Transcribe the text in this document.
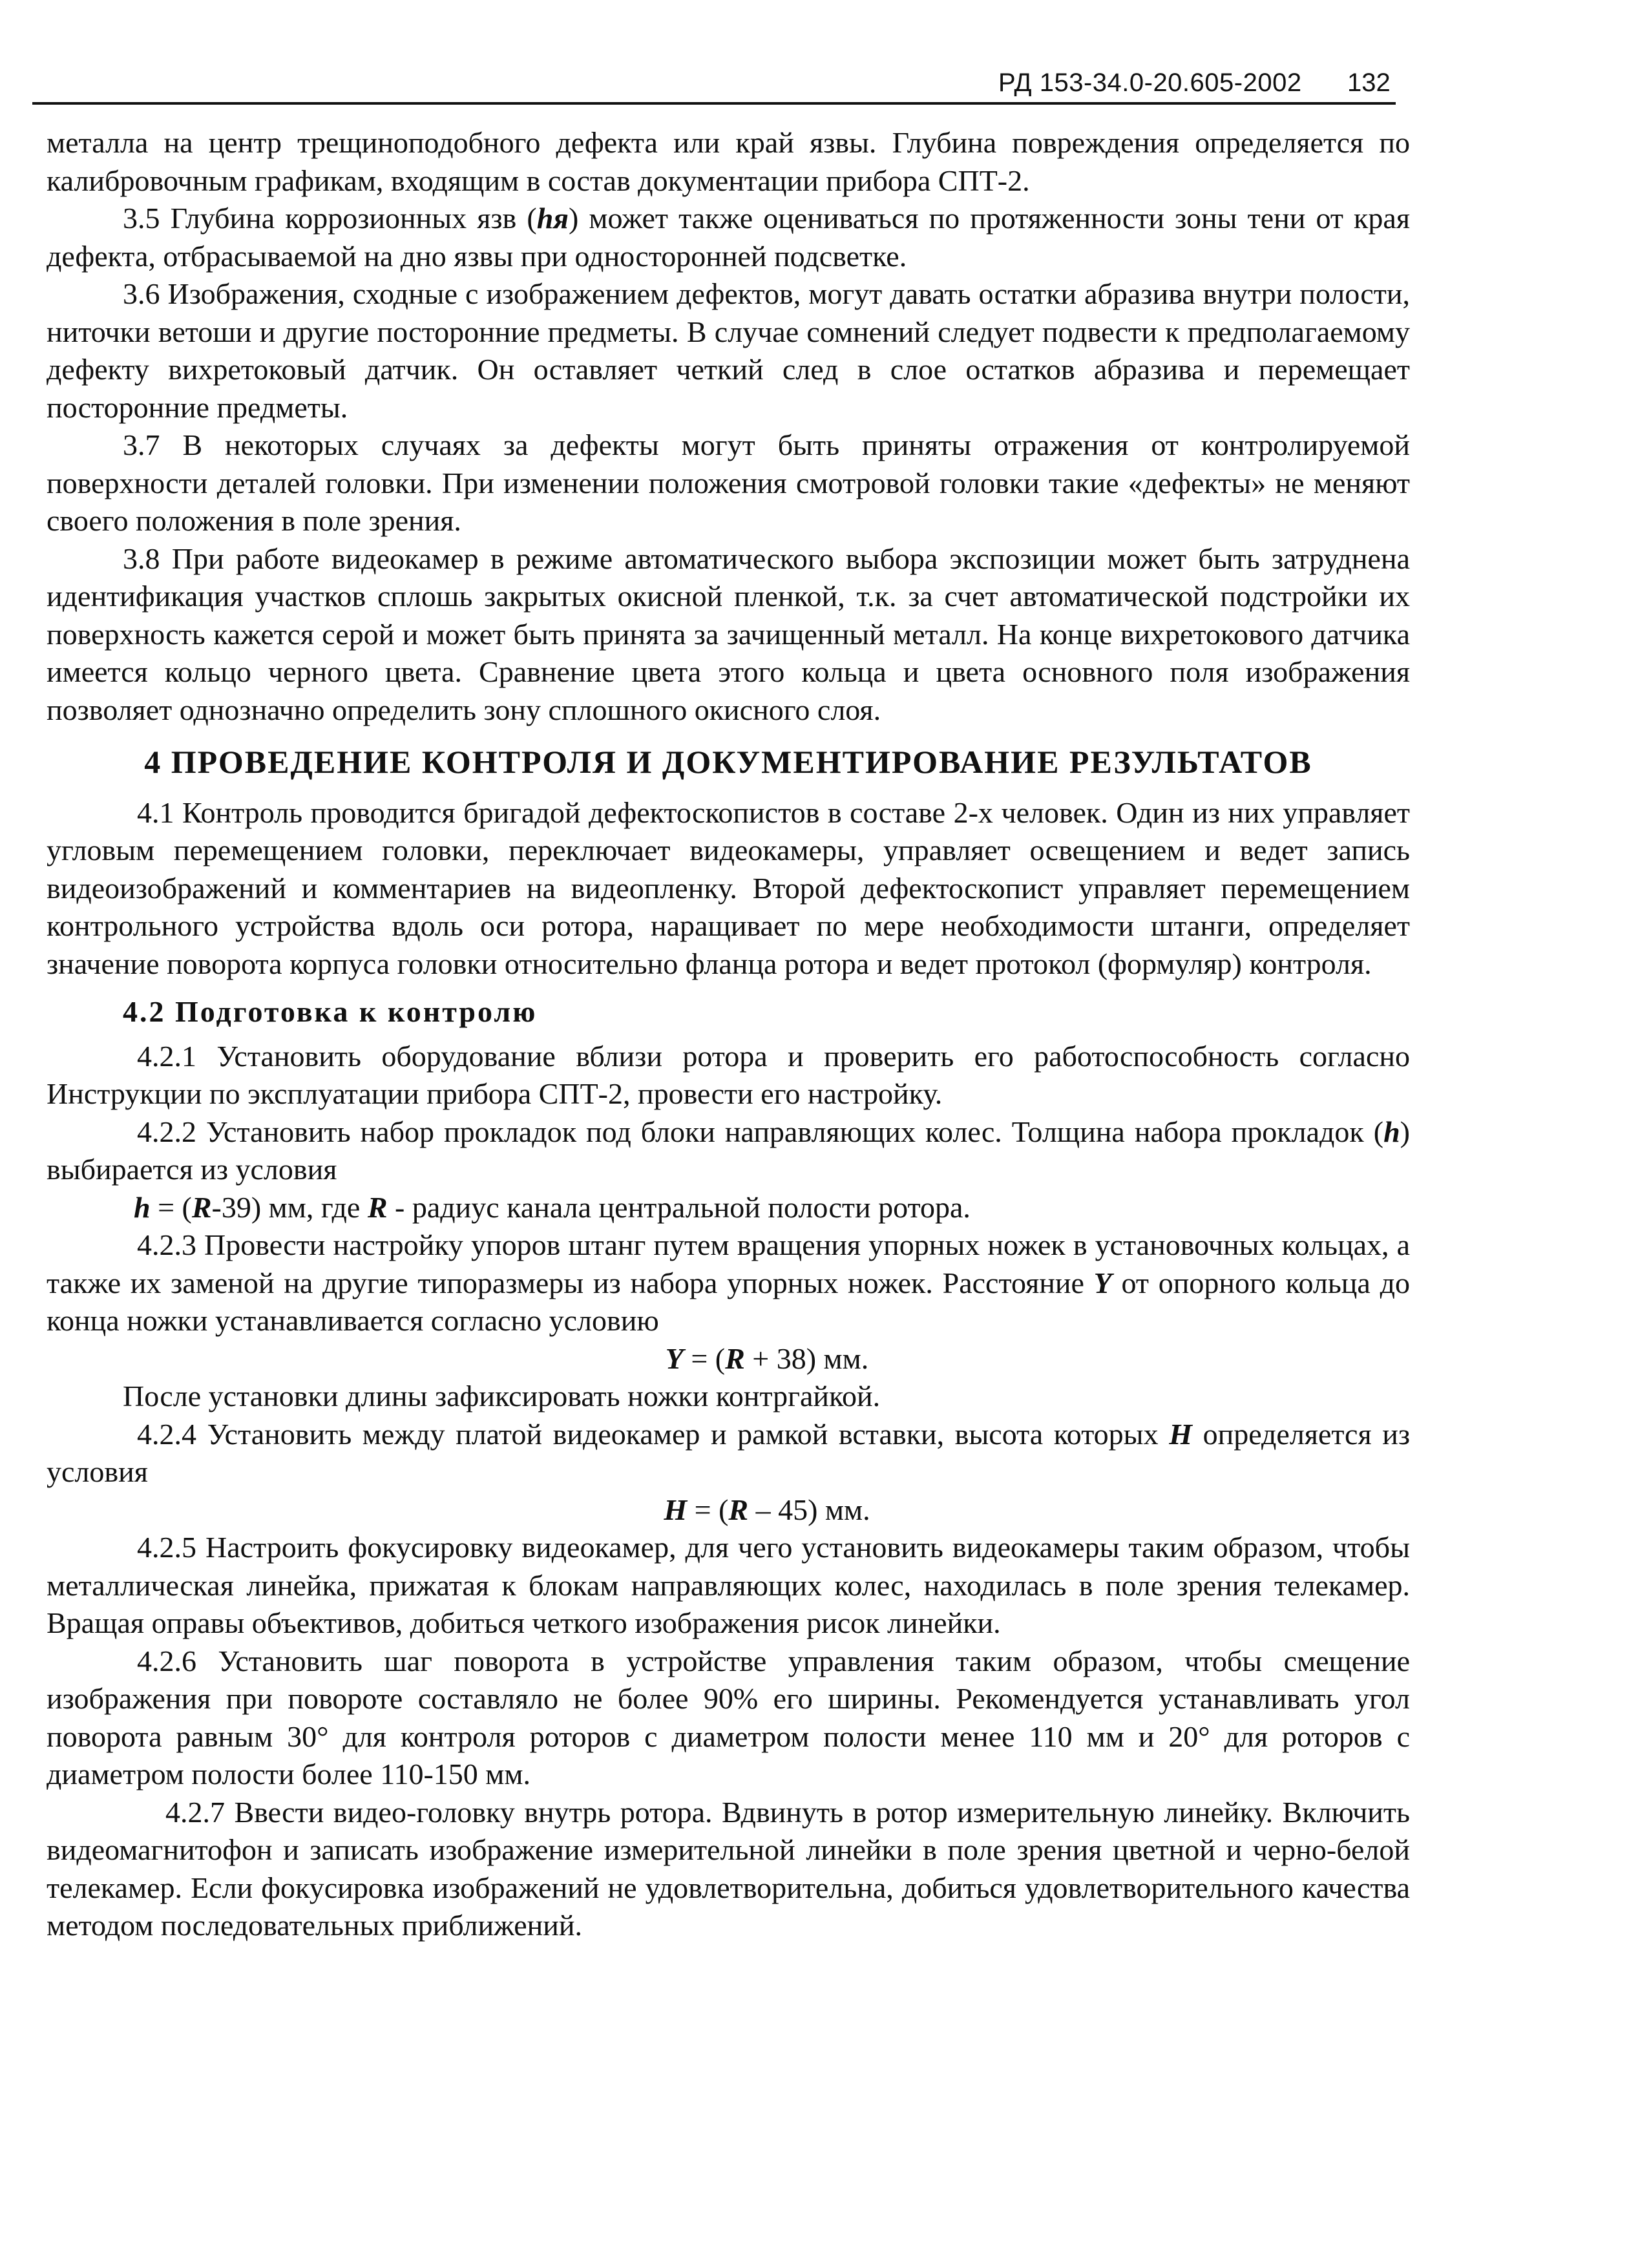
РД 153-34.0-20.605-2002 132

металла на центр трещиноподобного дефекта или край язвы. Глубина повреждения определяется по калибровочным графикам, входящим в состав документации прибора СПТ-2.

3.5 Глубина коррозионных язв (hя) может также оцениваться по протяженности зоны тени от края дефекта, отбрасываемой на дно язвы при односторонней подсветке.

3.6 Изображения, сходные с изображением дефектов, могут давать остатки абразива внутри полости, ниточки ветоши и другие посторонние предметы. В случае сомнений следует подвести к предполагаемому дефекту вихретоковый датчик. Он оставляет четкий след в слое остатков абразива и перемещает посторонние предметы.

3.7 В некоторых случаях за дефекты могут быть приняты отражения от контролируемой поверхности деталей головки. При изменении положения смотровой головки такие «дефекты» не меняют своего положения в поле зрения.

3.8 При работе видеокамер в режиме автоматического выбора экспозиции может быть затруднена идентификация участков сплошь закрытых окисной пленкой, т.к. за счет автоматической подстройки их поверхность кажется серой и может быть принята за зачищенный металл. На конце вихретокового датчика имеется кольцо черного цвета. Сравнение цвета этого кольца и цвета основного поля изображения позволяет однозначно определить зону сплошного окисного слоя.

4 ПРОВЕДЕНИЕ КОНТРОЛЯ И ДОКУМЕНТИРОВАНИЕ РЕЗУЛЬТАТОВ

4.1 Контроль проводится бригадой дефектоскопистов в составе 2-х человек. Один из них управляет угловым перемещением головки, переключает видеокамеры, управляет освещением и ведет запись видеоизображений и комментариев на видеопленку. Второй дефектоскопист управляет перемещением контрольного устройства вдоль оси ротора, наращивает по мере необходимости штанги, определяет значение поворота корпуса головки относительно фланца ротора и ведет протокол (формуляр) контроля.

4.2 Подготовка к контролю

4.2.1 Установить оборудование вблизи ротора и проверить его работоспособность согласно Инструкции по эксплуатации прибора СПТ-2, провести его настройку.

4.2.2 Установить набор прокладок под блоки направляющих колес. Толщина набора прокладок (h) выбирается из условия

h = (R-39) мм, где R - радиус канала центральной полости ротора.

4.2.3 Провести настройку упоров штанг путем вращения упорных ножек в установочных кольцах, а также их заменой на другие типоразмеры из набора упорных ножек. Расстояние Y от опорного кольца до конца ножки устанавливается согласно условию

Y = (R + 38) мм.

После установки длины зафиксировать ножки контргайкой.

4.2.4 Установить между платой видеокамер и рамкой вставки, высота которых H определяется из условия

H = (R – 45) мм.

4.2.5 Настроить фокусировку видеокамер, для чего установить видеокамеры таким образом, чтобы металлическая линейка, прижатая к блокам направляющих колес, находилась в поле зрения телекамер. Вращая оправы объективов, добиться четкого изображения рисок линейки.

4.2.6 Установить шаг поворота в устройстве управления таким образом, чтобы смещение изображения при повороте составляло не более 90% его ширины. Рекомендуется устанавливать угол поворота равным 30° для контроля роторов с диаметром полости менее 110 мм и 20° для роторов с диаметром полости более 110-150 мм.

4.2.7 Ввести видео-головку внутрь ротора. Вдвинуть в ротор измерительную линейку. Включить видеомагнитофон и записать изображение измерительной линейки в поле зрения цветной и черно-белой телекамер. Если фокусировка изображений не удовлетворительна, добиться удовлетворительного качества методом последовательных приближений.
